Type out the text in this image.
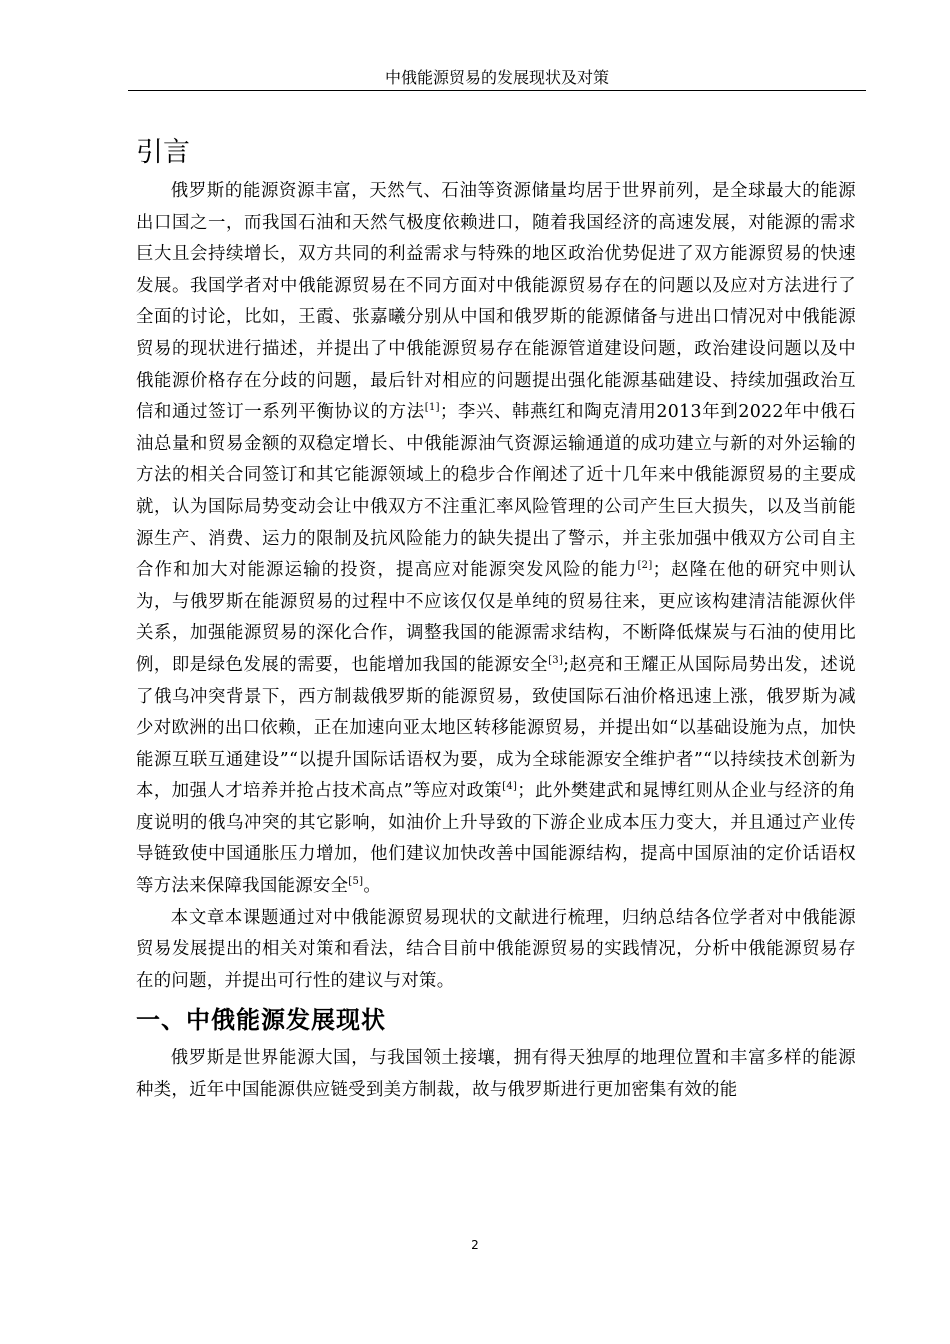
中俄能源贸易的发展现状及对策
引言

俄罗斯的能源资源丰富，天然气、石油等资源储量均居于世界前列，是全球最大的能源出口国之一，而我国石油和天然气极度依赖进口，随着我国经济的高速发展，对能源的需求巨大且会持续增长，双方共同的利益需求与特殊的地区政治优势促进了双方能源贸易的快速发展。我国学者对中俄能源贸易在不同方面对中俄能源贸易存在的问题以及应对方法进行了全面的讨论，比如，王霞、张嘉曦分别从中国和俄罗斯的能源储备与进出口情况对中俄能源贸易的现状进行描述，并提出了中俄能源贸易存在能源管道建设问题，政治建设问题以及中俄能源价格存在分歧的问题，最后针对相应的问题提出强化能源基础建设、持续加强政治互信和通过签订一系列平衡协议的方法[1]；李兴、韩燕红和陶克清用2013年到2022年中俄石油总量和贸易金额的双稳定增长、中俄能源油气资源运输通道的成功建立与新的对外运输的方法的相关合同签订和其它能源领域上的稳步合作阐述了近十几年来中俄能源贸易的主要成就，认为国际局势变动会让中俄双方不注重汇率风险管理的公司产生巨大损失，以及当前能源生产、消费、运力的限制及抗风险能力的缺失提出了警示，并主张加强中俄双方公司自主合作和加大对能源运输的投资，提高应对能源突发风险的能力[2]；赵隆在他的研究中则认为，与俄罗斯在能源贸易的过程中不应该仅仅是单纯的贸易往来，更应该构建清洁能源伙伴关系，加强能源贸易的深化合作，调整我国的能源需求结构，不断降低煤炭与石油的使用比例，即是绿色发展的需要，也能增加我国的能源安全[3];赵亮和王耀正从国际局势出发，述说了俄乌冲突背景下，西方制裁俄罗斯的能源贸易，致使国际石油价格迅速上涨，俄罗斯为减少对欧洲的出口依赖，正在加速向亚太地区转移能源贸易，并提出如“以基础设施为点，加快能源互联互通建设”“以提升国际话语权为要，成为全球能源安全维护者”“以持续技术创新为本，加强人才培养并抢占技术高点”等应对政策[4]；此外樊建武和晁博红则从企业与经济的角度说明的俄乌冲突的其它影响，如油价上升导致的下游企业成本压力变大，并且通过产业传导链致使中国通胀压力增加，他们建议加快改善中国能源结构，提高中国原油的定价话语权等方法来保障我国能源安全[5]。

本文章本课题通过对中俄能源贸易现状的文献进行梳理，归纳总结各位学者对中俄能源贸易发展提出的相关对策和看法，结合目前中俄能源贸易的实践情况，分析中俄能源贸易存在的问题，并提出可行性的建议与对策。

一、中俄能源发展现状

俄罗斯是世界能源大国，与我国领土接壤，拥有得天独厚的地理位置和丰富多样的能源种类，近年中国能源供应链受到美方制裁，故与俄罗斯进行更加密集有效的能

2
